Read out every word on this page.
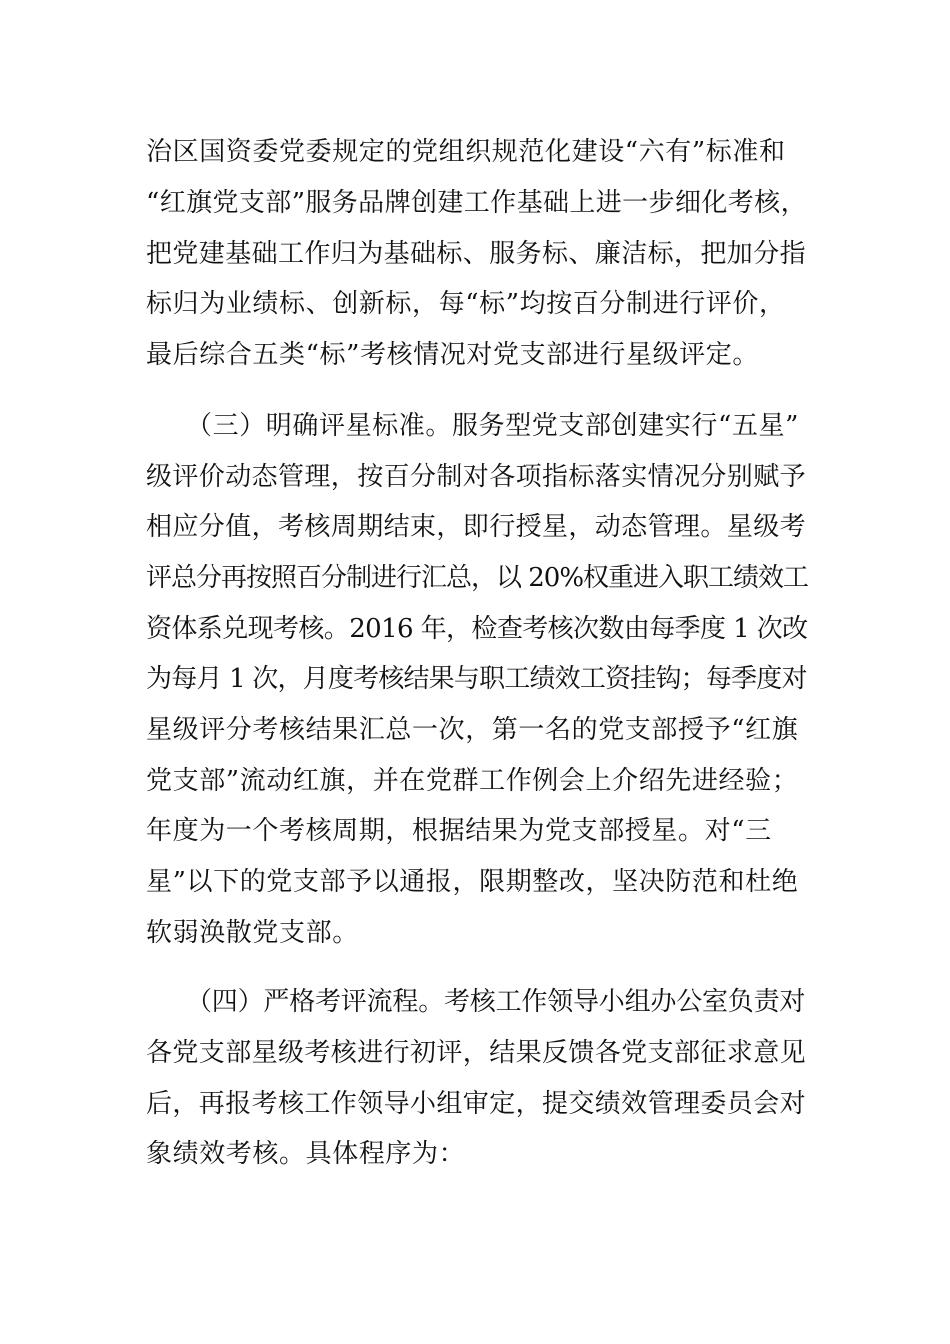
治区国资委党委规定的党组织规范化建设“六有”标准和
“红旗党支部”服务品牌创建工作基础上进一步细化考核，
把党建基础工作归为基础标、服务标、廉洁标，把加分指
标归为业绩标、创新标，每“标”均按百分制进行评价，
最后综合五类“标”考核情况对党支部进行星级评定。
（三）明确评星标准。服务型党支部创建实行“五星”
级评价动态管理，按百分制对各项指标落实情况分别赋予
相应分值，考核周期结束，即行授星，动态管理。星级考
评总分再按照百分制进行汇总，以 20%权重进入职工绩效工
资体系兑现考核。2016 年，检查考核次数由每季度 1 次改
为每月 1 次，月度考核结果与职工绩效工资挂钩；每季度对
星级评分考核结果汇总一次，第一名的党支部授予“红旗
党支部”流动红旗，并在党群工作例会上介绍先进经验；
年度为一个考核周期，根据结果为党支部授星。对“三
星”以下的党支部予以通报，限期整改，坚决防范和杜绝
软弱涣散党支部。
（四）严格考评流程。考核工作领导小组办公室负责对
各党支部星级考核进行初评，结果反馈各党支部征求意见
后，再报考核工作领导小组审定，提交绩效管理委员会对
象绩效考核。具体程序为：
